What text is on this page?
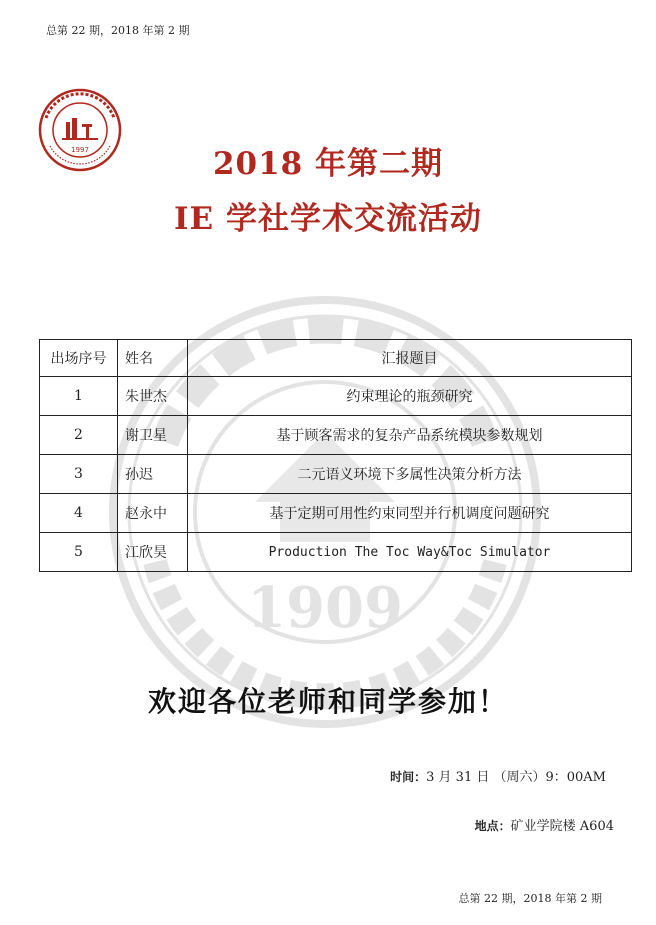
总第 22 期，2018 年第 2 期
1997	2018 年第二期
IE 学社学术交流活动
1909
出场序号	姓名	汇报题目
1	朱世杰	约束理论的瓶颈研究
2	谢卫星	基于顾客需求的复杂产品系统模块参数规划
3	孙迟	二元语义环境下多属性决策分析方法
4	赵永中	基于定期可用性约束同型并行机调度问题研究
5	江欣昊	Production The Toc Way&Toc Simulator
欢迎各位老师和同学参加！
时间：3 月 31 日 （周六）9：00AM
地点：矿业学院楼 A604
总第 22 期，2018 年第 2 期
